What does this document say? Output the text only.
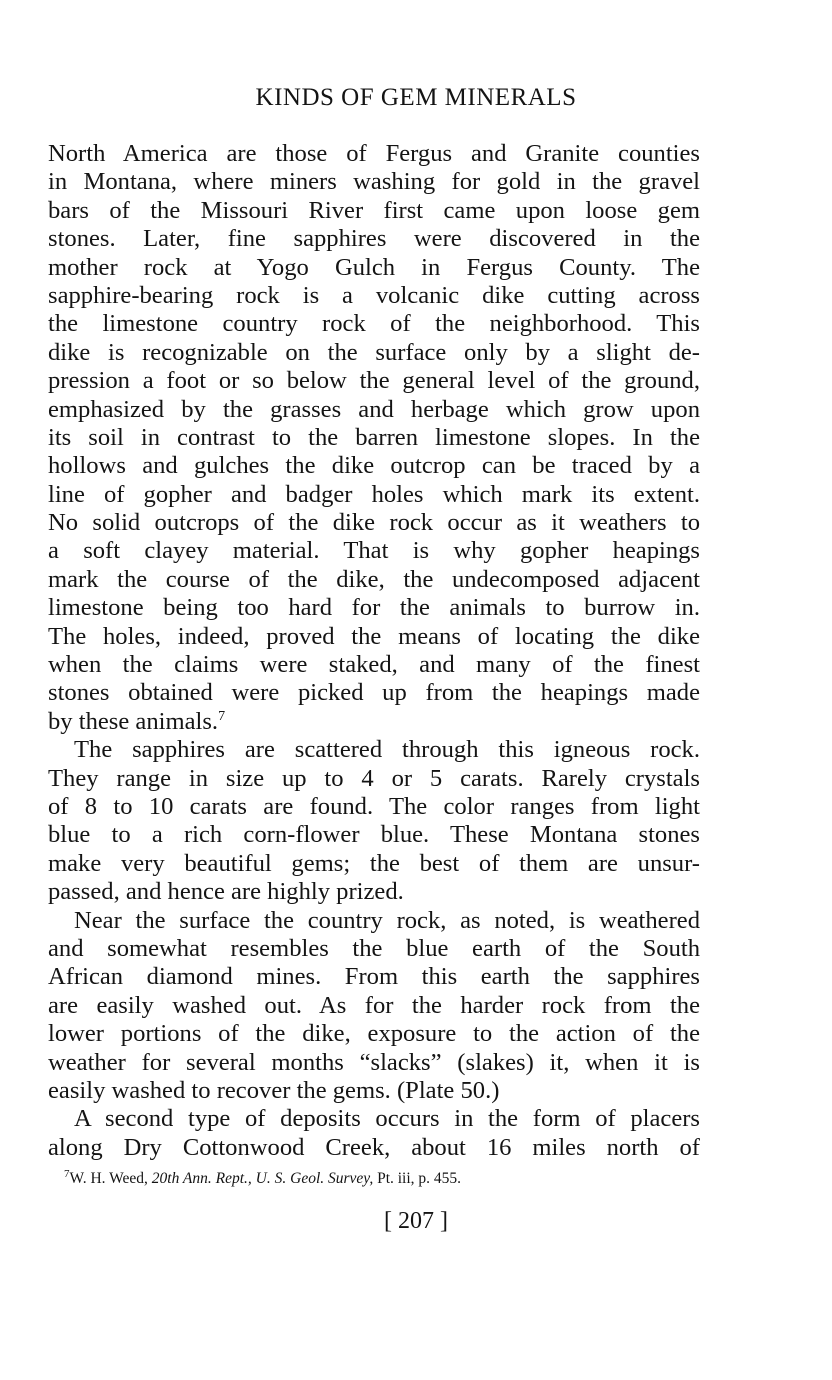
KINDS OF GEM MINERALS

North America are those of Fergus and Granite counties
in Montana, where miners washing for gold in the gravel
bars of the Missouri River first came upon loose gem
stones. Later, fine sapphires were discovered in the
mother rock at Yogo Gulch in Fergus County. The
sapphire-bearing rock is a volcanic dike cutting across
the limestone country rock of the neighborhood. This
dike is recognizable on the surface only by a slight de-
pression a foot or so below the general level of the ground,
emphasized by the grasses and herbage which grow upon
its soil in contrast to the barren limestone slopes. In the
hollows and gulches the dike outcrop can be traced by a
line of gopher and badger holes which mark its extent.
No solid outcrops of the dike rock occur as it weathers to
a soft clayey material. That is why gopher heapings
mark the course of the dike, the undecomposed adjacent
limestone being too hard for the animals to burrow in.
The holes, indeed, proved the means of locating the dike
when the claims were staked, and many of the finest
stones obtained were picked up from the heapings made
by these animals.$^7$

The sapphires are scattered through this igneous rock.
They range in size up to 4 or 5 carats. Rarely crystals
of 8 to 10 carats are found. The color ranges from light
blue to a rich corn-flower blue. These Montana stones
make very beautiful gems; the best of them are unsur-
passed, and hence are highly prized.

Near the surface the country rock, as noted, is weathered
and somewhat resembles the blue earth of the South
African diamond mines. From this earth the sapphires
are easily washed out. As for the harder rock from the
lower portions of the dike, exposure to the action of the
weather for several months “slacks” (slakes) it, when it is
easily washed to recover the gems. (Plate 50.)

A second type of deposits occurs in the form of placers
along Dry Cottonwood Creek, about 16 miles north of

$^7$W. H. Weed, 20th Ann. Rept., U. S. Geol. Survey, Pt. iii, p. 455.

[ 207 ]
